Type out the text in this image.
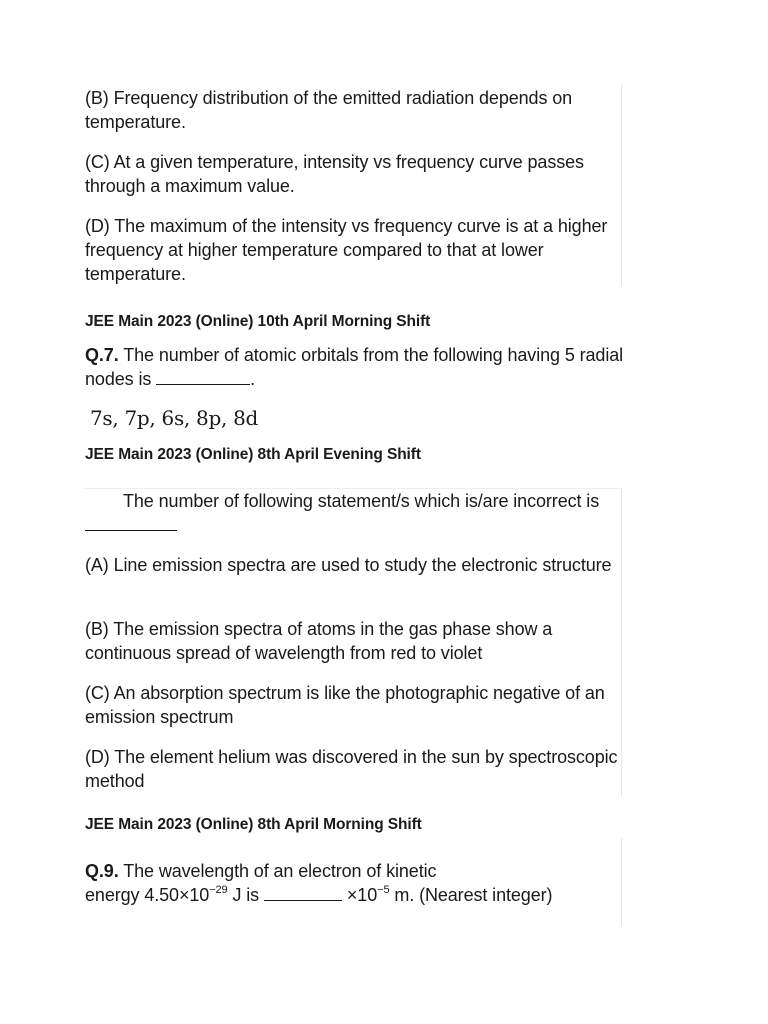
(B) Frequency distribution of the emitted radiation depends on temperature.

(C) At a given temperature, intensity vs frequency curve passes through a maximum value.

(D) The maximum of the intensity vs frequency curve is at a higher frequency at higher temperature compared to that at lower temperature.

JEE Main 2023 (Online) 10th April Morning Shift

Q.7. The number of atomic orbitals from the following having 5 radial nodes is	.

7s, 7p, 6s, 8p, 8d

JEE Main 2023 (Online) 8th April Evening Shift

The number of following statement/s which is/are incorrect is

(A) Line emission spectra are used to study the electronic structure

(B) The emission spectra of atoms in the gas phase show a continuous spread of wavelength from red to violet

(C) An absorption spectrum is like the photographic negative of an emission spectrum

(D) The element helium was discovered in the sun by spectroscopic method

JEE Main 2023 (Online) 8th April Morning Shift

Q.9. The wavelength of an electron of kinetic
energy $4.50\times 10^{-29}$ J is	$\times 10^{-5}$ m. (Nearest integer)
